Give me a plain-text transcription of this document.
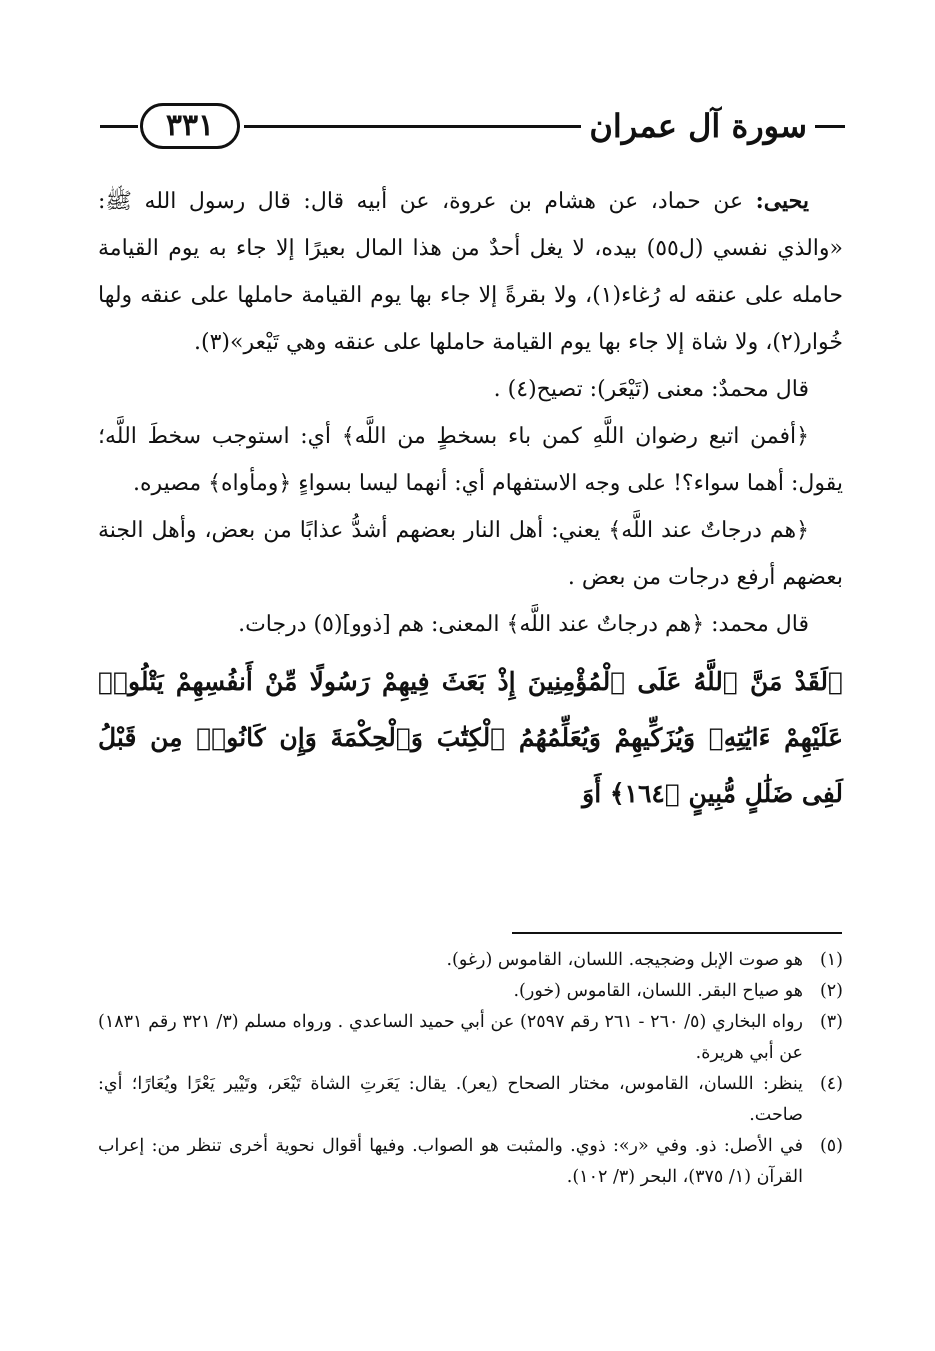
٣٣١	سورة آل عمران

يحيى: عن حماد، عن هشام بن عروة، عن أبيه قال: قال رسول الله ﷺ: «والذي نفسي (ل٥٥) بيده، لا يغل أحدٌ من هذا المال بعيرًا إلا جاء به يوم القيامة حامله على عنقه له رُغاء(١)، ولا بقرةً إلا جاء بها يوم القيامة حاملها على عنقه ولها خُوار(٢)، ولا شاة إلا جاء بها يوم القيامة حاملها على عنقه وهي تَيْعر»(٣).

قال محمدٌ: معنى (تَيْعَر): تصيح(٤) .

﴿أفمن اتبع رضوان اللَّهِ كمن باء بسخطٍ من اللَّه﴾ أي: استوجب سخطَ اللَّه؛ يقول: أهما سواء؟! على وجه الاستفهام أي: أنهما ليسا بسواءٍ ﴿ومأواه﴾ مصيره.

﴿هم درجاتٌ عند اللَّه﴾ يعني: أهل النار بعضهم أشدُّ عذابًا من بعض، وأهل الجنة بعضهم أرفع درجات من بعض .

قال محمد: ﴿هم درجاتٌ عند اللَّه﴾ المعنى: هم [ذوو](٥) درجات.

﴿لَقَدْ مَنَّ ٱللَّهُ عَلَى ٱلْمُؤْمِنِينَ إِذْ بَعَثَ فِيهِمْ رَسُولًا مِّنْ أَنفُسِهِمْ يَتْلُوا۟ عَلَيْهِمْ ءَايَٰتِهِۦ وَيُزَكِّيهِمْ وَيُعَلِّمُهُمُ ٱلْكِتَٰبَ وَٱلْحِكْمَةَ وَإِن كَانُوا۟ مِن قَبْلُ لَفِى ضَلَٰلٍ مُّبِينٍ ﴿١٦٤﴾ أَوَ

(١)
هو صوت الإبل وضجيجه. اللسان، القاموس (رغو).
(٢)
هو صياح البقر. اللسان، القاموس (خور).
(٣)
رواه البخاري (٥/ ٢٦٠ - ٢٦١ رقم ٢٥٩٧) عن أبي حميد الساعدي . ورواه مسلم (٣/ ٣٢١ رقم ١٨٣١) عن أبي هريرة.
(٤)
ينظر: اللسان، القاموس، مختار الصحاح (يعر). يقال: يَعَرتِ الشاة تَيْعَر، وتَيْير يَعْرًا ويُعَارًا؛ أي: صاحت.
(٥)
في الأصل: ذو. وفي «ر»: ذوي. والمثبت هو الصواب. وفيها أقوال نحوية أخرى تنظر من: إعراب القرآن (١/ ٣٧٥)، البحر (٣/ ١٠٢).
